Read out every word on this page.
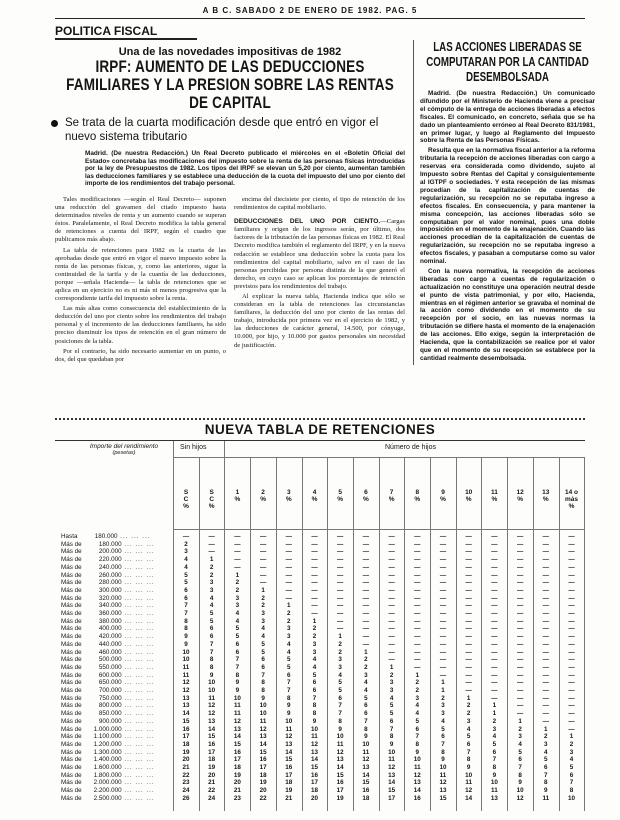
A B C. SABADO 2 DE ENERO DE 1982. PAG. 5
POLITICA FISCAL
Una de las novedades impositivas de 1982
IRPF: AUMENTO DE LAS DEDUCCIONES FAMILIARES Y LA PRESION SOBRE LAS RENTAS DE CAPITAL
Se trata de la cuarta modificación desde que entró en vigor el nuevo sistema tributario
Madrid. (De nuestra Redacción.) Un Real Decreto publicado el miércoles en el «Boletín Oficial del Estado» concretaba las modificaciones del impuesto sobre la renta de las personas físicas introducidas por la ley de Presupuestos de 1982. Los tipos del IRPF se elevan un 5,20 por ciento, aumentan también las deducciones familiares y se establece una deducción de la cuota del impuesto del uno por ciento del importe de los rendimientos del trabajo personal.

Tales modificaciones —según el Real Decreto— suponen una reducción del gravamen del citado impuesto hasta determinados niveles de renta y un aumento cuando se superan éstos. Paralelamente, el Real Decreto modifica la tabla general de retenciones a cuenta del IRPF, según el cuadro que publicamos más abajo.

La tabla de retenciones para 1982 es la cuarta de las aprobadas desde que entró en vigor el nuevo impuesto sobre la renta de las personas físicas, y, como las anteriores, sigue la continuidad de la tarifa y de la cuantía de las deducciones, porque —señala Hacienda— la tabla de retenciones que se aplica en un ejercicio no es ni más ni menos progresiva que la correspondiente tarifa del impuesto sobre la renta.

Las más altas como consecuencia del establecimiento de la deducción del uno por ciento sobre los rendimientos del trabajo personal y el incremento de las deducciones familiares, ha sido preciso disminuir los tipos de retención en el gran número de posiciones de la tabla.

Por el contrario, ha sido necesario aumentar en un punto, o dos, del que quedaban por

encima del diecisiete por ciento, el tipo de retención de los rendimientos de capital mobiliario.

DEDUCCIONES DEL UNO POR CIENTO.—Cargas familiares y origen de los ingresos serán, por último, dos factores de la tributación de las personas físicas en 1982. El Real Decreto modifica también el reglamento del IRPF, y en la nueva redacción se establece una deducción sobre la cuota para los rendimientos del capital mobiliario, salvo en el caso de las personas percibidas por persona distinta de la que generó el derecho, en cuyo caso se aplican los porcentajes de retención previstos para los rendimientos del trabajo.

Al explicar la nueva tabla, Hacienda indica que sólo se consideran en la tabla de retenciones las circunstancias familiares, la deducción del uno por ciento de las rentas del trabajo, introducida por primera vez en el ejercicio de 1982, y las deducciones de carácter general, 14.500, por cónyuge, 10.000, por hijo, y 10.000 por gastos personales sin necesidad de justificación.

LAS ACCIONES LIBERADAS SE COMPUTARAN POR LA CANTIDAD DESEMBOLSADA

Madrid. (De nuestra Redacción.) Un comunicado difundido por el Ministerio de Hacienda viene a precisar el cómputo de la entrega de acciones liberadas a efectos fiscales. El comunicado, en concreto, señala que se ha dado un planteamiento erróneo al Real Decreto 831/1981, en primer lugar, y luego al Reglamento del Impuesto sobre la Renta de las Personas Físicas.

Resulta que en la normativa fiscal anterior a la reforma tributaria la recepción de acciones liberadas con cargo a reservas era considerada como dividendo, sujeto al Impuesto sobre Rentas del Capital y consiguientemente al IGTPF o sociedades. Y esta recepción de las mismas procedían de la capitalización de cuentas de regularización, su recepción no se reputaba ingreso a efectos fiscales. En consecuencia, y para mantener la misma concepción, las acciones liberadas sólo se computaban por el valor nominal, pues una doble imposición en el momento de la enajenación. Cuando las acciones procedían de la capitalización de cuentas de regularización, su recepción no se reputaba ingreso a efectos fiscales, y pasaban a computarse como su valor nominal.

Con la nueva normativa, la recepción de acciones liberadas con cargo a cuentas de regularización o actualización no constituye una operación neutral desde el punto de vista patrimonial, y por ello, Hacienda, mientras en el régimen anterior se gravaba el nominal de la acción como dividendo en el momento de su recepción por el socio, en las nuevas normas la tributación se difiere hasta el momento de la enajenación de las acciones. Ello exige, según la interpretación de Hacienda, que la contabilización se realice por el valor que en el momento de su recepción se establece por la cantidad realmente desembolsada.

NUEVA TABLA DE RETENCIONES
Importe del rendimiento
(pesetas)
Sin hijos	Número de hijos
S
C
%
S
C
%
1
%
2
%
3
%
4
%
5
%
6
%
7
%
8
%
9
%
10
%
11
%
12
%
13
%
14 o
más
%
Hasta	180.000 ... ... ...	—	—	—	—	—	—	—	—	—	—	—	—	—	—	—	—
Más de	180.000 ... ... ...	2	—	—	—	—	—	—	—	—	—	—	—	—	—	—	—
Más de	200.000 ... ... ...	3	—	—	—	—	—	—	—	—	—	—	—	—	—	—	—
Más de	220.000 ... ... ...	4	1	—	—	—	—	—	—	—	—	—	—	—	—	—	—
Más de	240.000 ... ... ...	4	2	—	—	—	—	—	—	—	—	—	—	—	—	—	—
Más de	260.000 ... ... ...	5	2	1	—	—	—	—	—	—	—	—	—	—	—	—	—
Más de	280.000 ... ... ...	5	3	2	—	—	—	—	—	—	—	—	—	—	—	—	—
Más de	300.000 ... ... ...	6	3	2	1	—	—	—	—	—	—	—	—	—	—	—	—
Más de	320.000 ... ... ...	6	4	3	2	—	—	—	—	—	—	—	—	—	—	—	—
Más de	340.000 ... ... ...	7	4	3	2	1	—	—	—	—	—	—	—	—	—	—	—
Más de	360.000 ... ... ...	7	5	4	3	2	—	—	—	—	—	—	—	—	—	—	—
Más de	380.000 ... ... ...	8	5	4	3	2	1	—	—	—	—	—	—	—	—	—	—
Más de	400.000 ... ... ...	8	6	5	4	3	2	—	—	—	—	—	—	—	—	—	—
Más de	420.000 ... ... ...	9	6	5	4	3	2	1	—	—	—	—	—	—	—	—	—
Más de	440.000 ... ... ...	9	7	6	5	4	3	2	—	—	—	—	—	—	—	—	—
Más de	460.000 ... ... ...	10	7	6	5	4	3	2	1	—	—	—	—	—	—	—	—
Más de	500.000 ... ... ...	10	8	7	6	5	4	3	2	—	—	—	—	—	—	—	—
Más de	550.000 ... ... ...	11	8	7	6	5	4	3	2	1	—	—	—	—	—	—	—
Más de	600.000 ... ... ...	11	9	8	7	6	5	4	3	2	1	—	—	—	—	—	—
Más de	650.000 ... ... ...	12	10	9	8	7	6	5	4	3	2	1	—	—	—	—	—
Más de	700.000 ... ... ...	12	10	9	8	7	6	5	4	3	2	1	—	—	—	—	—
Más de	750.000 ... ... ...	13	11	10	9	8	7	6	5	4	3	2	1	—	—	—	—
Más de	800.000 ... ... ...	13	12	11	10	9	8	7	6	5	4	3	2	1	—	—	—
Más de	850.000 ... ... ...	14	12	11	10	9	8	7	6	5	4	3	2	1	—	—	—
Más de	900.000 ... ... ...	15	13	12	11	10	9	8	7	6	5	4	3	2	1	—	—
Más de 1.000.000 ... ... ...	16	14	13	12	11	10	9	8	7	6	5	4	3	2	1	—
Más de 1.100.000 ... ... ...	17	15	14	13	12	11	10	9	8	7	6	5	4	3	2	1
Más de 1.200.000 ... ... ...	18	16	15	14	13	12	11	10	9	8	7	6	5	4	3	2
Más de 1.300.000 ... ... ...	19	17	16	15	14	13	12	11	10	9	8	7	6	5	4	3
Más de 1.400.000 ... ... ...	20	18	17	16	15	14	13	12	11	10	9	8	7	6	5	4
Más de 1.600.000 ... ... ...	21	19	18	17	16	15	14	13	12	11	10	9	8	7	6	5
Más de 1.800.000 ... ... ...	22	20	19	18	17	16	15	14	13	12	11	10	9	8	7	6
Más de 2.000.000 ... ... ...	23	21	20	19	18	17	16	15	14	13	12	11	10	9	8	7
Más de 2.200.000 ... ... ...	24	22	21	20	19	18	17	16	15	14	13	12	11	10	9	8
Más de 2.500.000 ... ... ...	26	24	23	22	21	20	19	18	17	16	15	14	13	12	11	10
